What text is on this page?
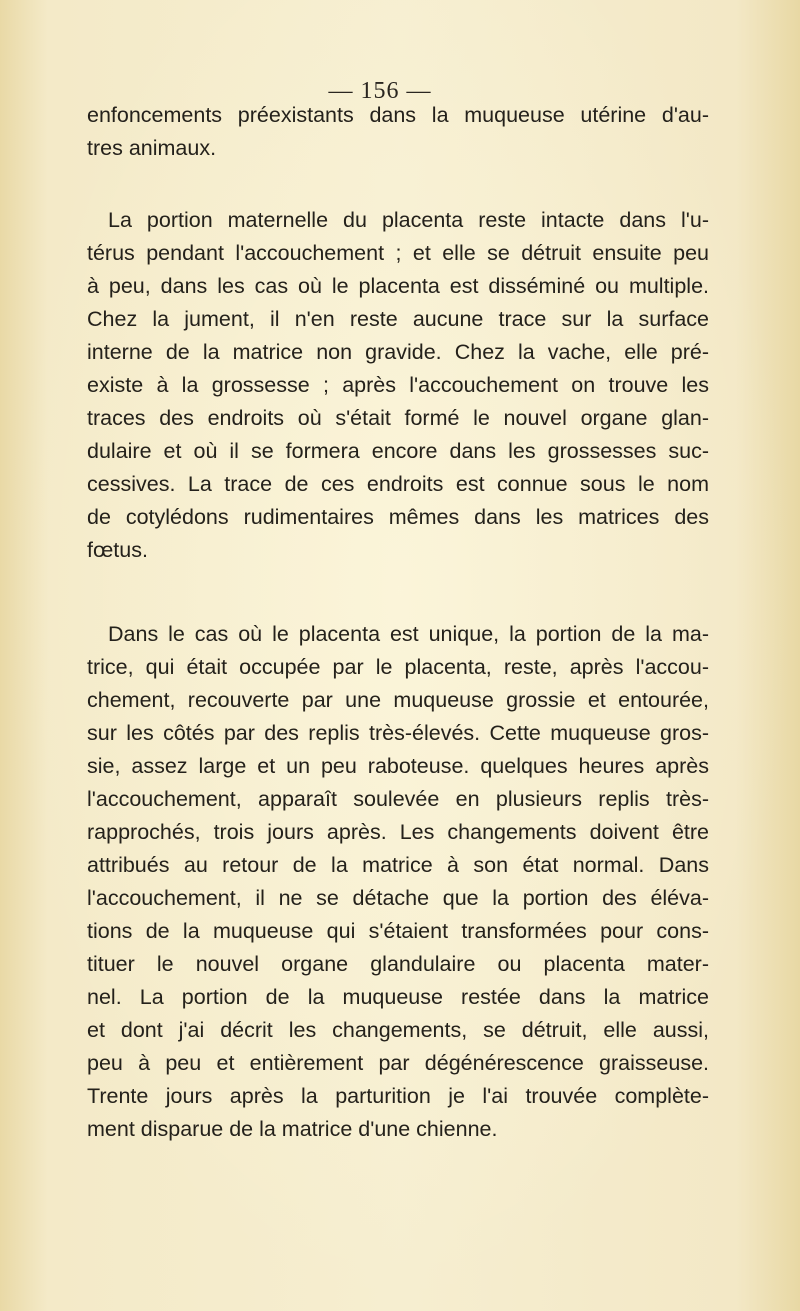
— 156 —
enfoncements préexistants dans la muqueuse utérine d'au-
tres animaux.
La portion maternelle du placenta reste intacte dans l'u-
térus pendant l'accouchement ; et elle se détruit ensuite peu
à peu, dans les cas où le placenta est disséminé ou multiple.
Chez la jument, il n'en reste aucune trace sur la surface
interne de la matrice non gravide. Chez la vache, elle pré-
existe à la grossesse ; après l'accouchement on trouve les
traces des endroits où s'était formé le nouvel organe glan-
dulaire et où il se formera encore dans les grossesses suc-
cessives. La trace de ces endroits est connue sous le nom
de cotylédons rudimentaires mêmes dans les matrices des
fœtus.
Dans le cas où le placenta est unique, la portion de la ma-
trice, qui était occupée par le placenta, reste, après l'accou-
chement, recouverte par une muqueuse grossie et entourée,
sur les côtés par des replis très-élevés. Cette muqueuse gros-
sie, assez large et un peu raboteuse. quelques heures après
l'accouchement, apparaît soulevée en plusieurs replis très-
rapprochés, trois jours après. Les changements doivent être
attribués au retour de la matrice à son état normal. Dans
l'accouchement, il ne se détache que la portion des éléva-
tions de la muqueuse qui s'étaient transformées pour cons-
tituer le nouvel organe glandulaire ou placenta mater-
nel. La portion de la muqueuse restée dans la matrice
et dont j'ai décrit les changements, se détruit, elle aussi,
peu à peu et entièrement par dégénérescence graisseuse.
Trente jours après la parturition je l'ai trouvée complète-
ment disparue de la matrice d'une chienne.
